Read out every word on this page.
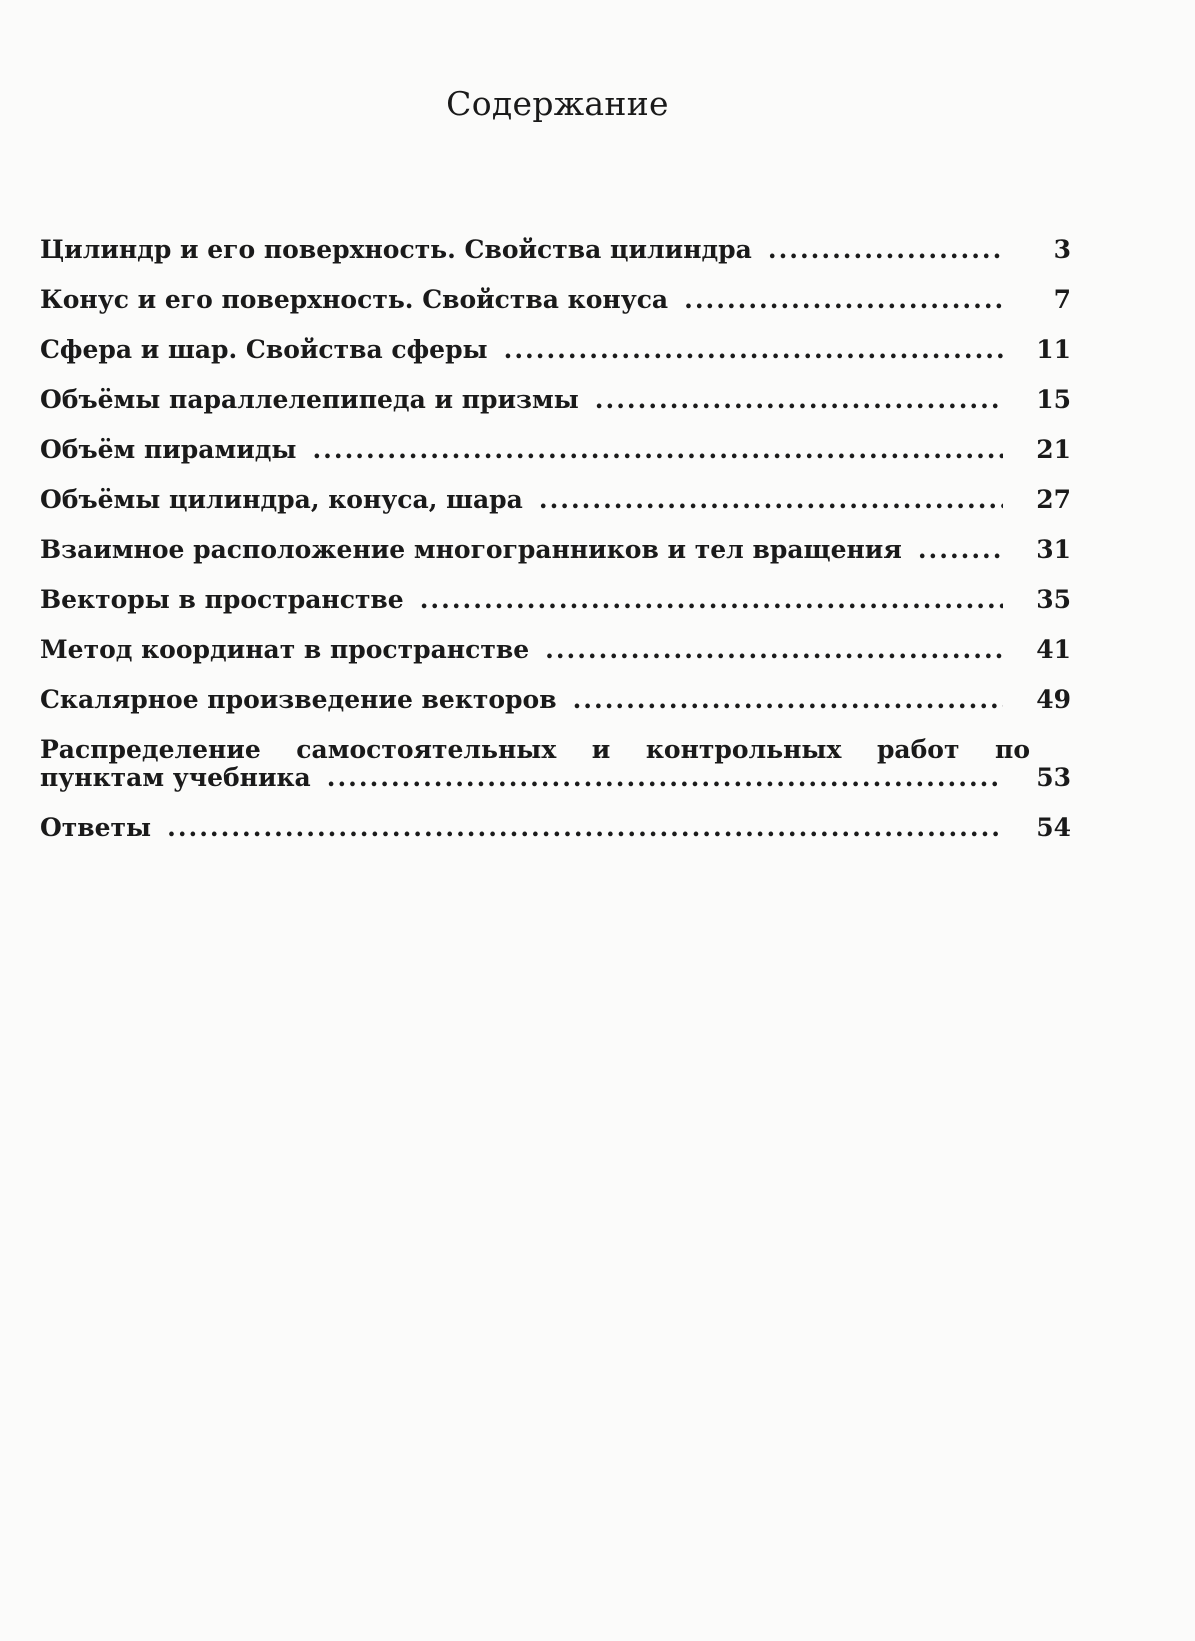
Содержание
Цилиндр и его поверхность. Свойства цилиндра .....	3
Конус и его поверхность. Свойства конуса .....	7
Сфера и шар. Свойства сферы .....	11
Объёмы параллелепипеда и призмы .....	15
Объём пирамиды .....	21
Объёмы цилиндра, конуса, шара .....	27
Взаимное расположение многогранников и тел вращения .....	31
Векторы в пространстве .....	35
Метод координат в пространстве .....	41
Скалярное произведение векторов .....	49
Распределение самостоятельных и контрольных работ по
пунктам учебника .....	53
Ответы .....	54
